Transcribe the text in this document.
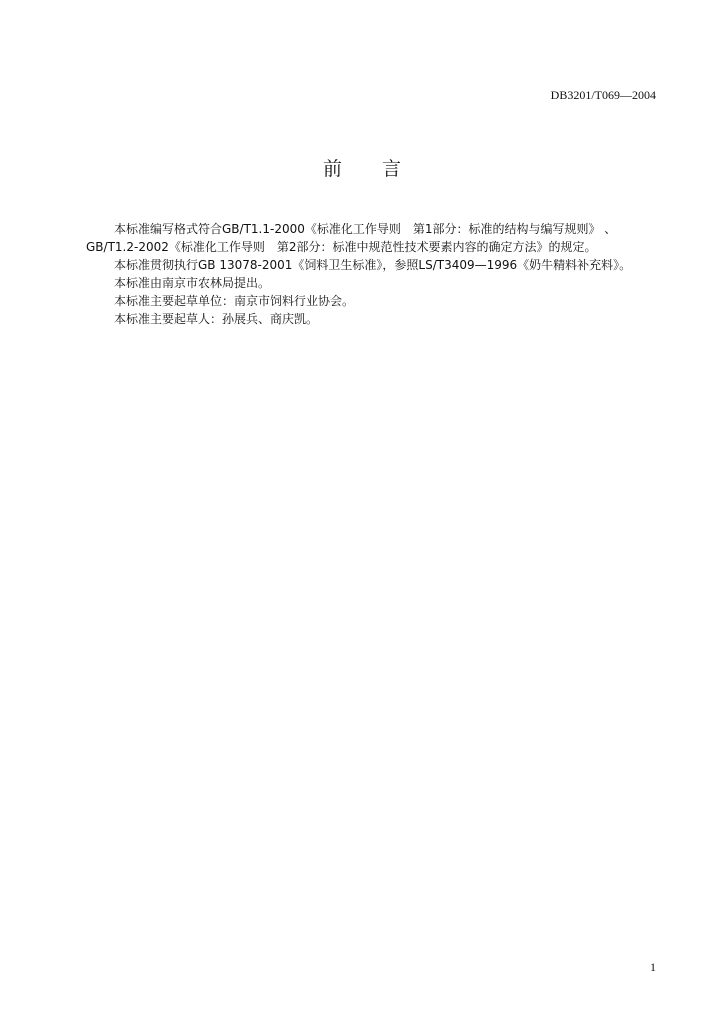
DB3201/T069—2004
前 言

本标准编写格式符合GB/T1.1-2000《标准化工作导则　第1部分：标准的结构与编写规则》 、

GB/T1.2-2002《标准化工作导则　第2部分：标准中规范性技术要素内容的确定方法》的规定。

本标准贯彻执行GB 13078-2001《饲料卫生标准》，参照LS/T3409—1996《奶牛精料补充料》。

本标准由南京市农林局提出。

本标准主要起草单位：南京市饲料行业协会。

本标准主要起草人：孙展兵、商庆凯。

1
